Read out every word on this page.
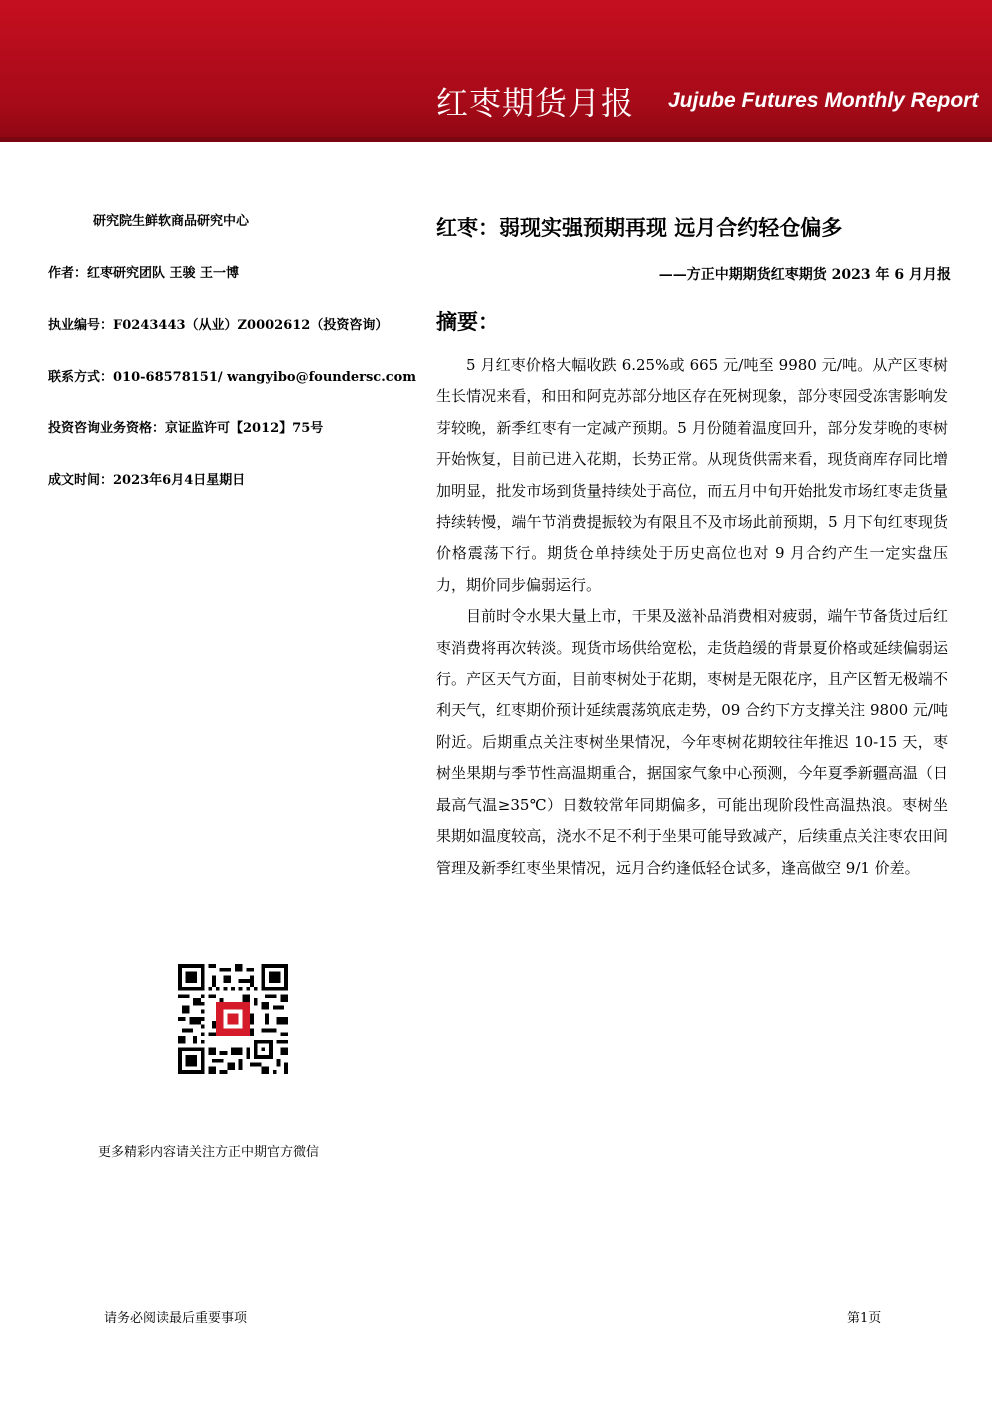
红枣期货月报 Jujube Futures Monthly Report
研究院生鲜软商品研究中心
作者：红枣研究团队 王骏 王一博
执业编号：F0243443（从业）Z0002612（投资咨询）
联系方式：010-68578151/ wangyibo@foundersc.com
投资咨询业务资格：京证监许可【2012】75号
成文时间：2023年6月4日星期日
更多精彩内容请关注方正中期官方微信
红枣：弱现实强预期再现 远月合约轻仓偏多
——方正中期期货红枣期货 2023 年 6 月月报
摘要：

5 月红枣价格大幅收跌 6.25%或 665 元/吨至 9980 元/吨。从产区枣树生长情况来看，和田和阿克苏部分地区存在死树现象，部分枣园受冻害影响发芽较晚，新季红枣有一定减产预期。5 月份随着温度回升，部分发芽晚的枣树开始恢复，目前已进入花期，长势正常。从现货供需来看，现货商库存同比增加明显，批发市场到货量持续处于高位，而五月中旬开始批发市场红枣走货量持续转慢，端午节消费提振较为有限且不及市场此前预期，5 月下旬红枣现货价格震荡下行。期货仓单持续处于历史高位也对 9 月合约产生一定实盘压力，期价同步偏弱运行。

目前时令水果大量上市，干果及滋补品消费相对疲弱，端午节备货过后红枣消费将再次转淡。现货市场供给宽松，走货趋缓的背景夏价格或延续偏弱运行。产区天气方面，目前枣树处于花期，枣树是无限花序，且产区暂无极端不利天气，红枣期价预计延续震荡筑底走势，09 合约下方支撑关注 9800 元/吨附近。后期重点关注枣树坐果情况，今年枣树花期较往年推迟 10-15 天，枣树坐果期与季节性高温期重合，据国家气象中心预测，今年夏季新疆高温（日最高气温≥35℃）日数较常年同期偏多，可能出现阶段性高温热浪。枣树坐果期如温度较高，浇水不足不利于坐果可能导致减产，后续重点关注枣农田间管理及新季红枣坐果情况，远月合约逢低轻仓试多，逢高做空 9/1 价差。

请务必阅读最后重要事项	第1页
